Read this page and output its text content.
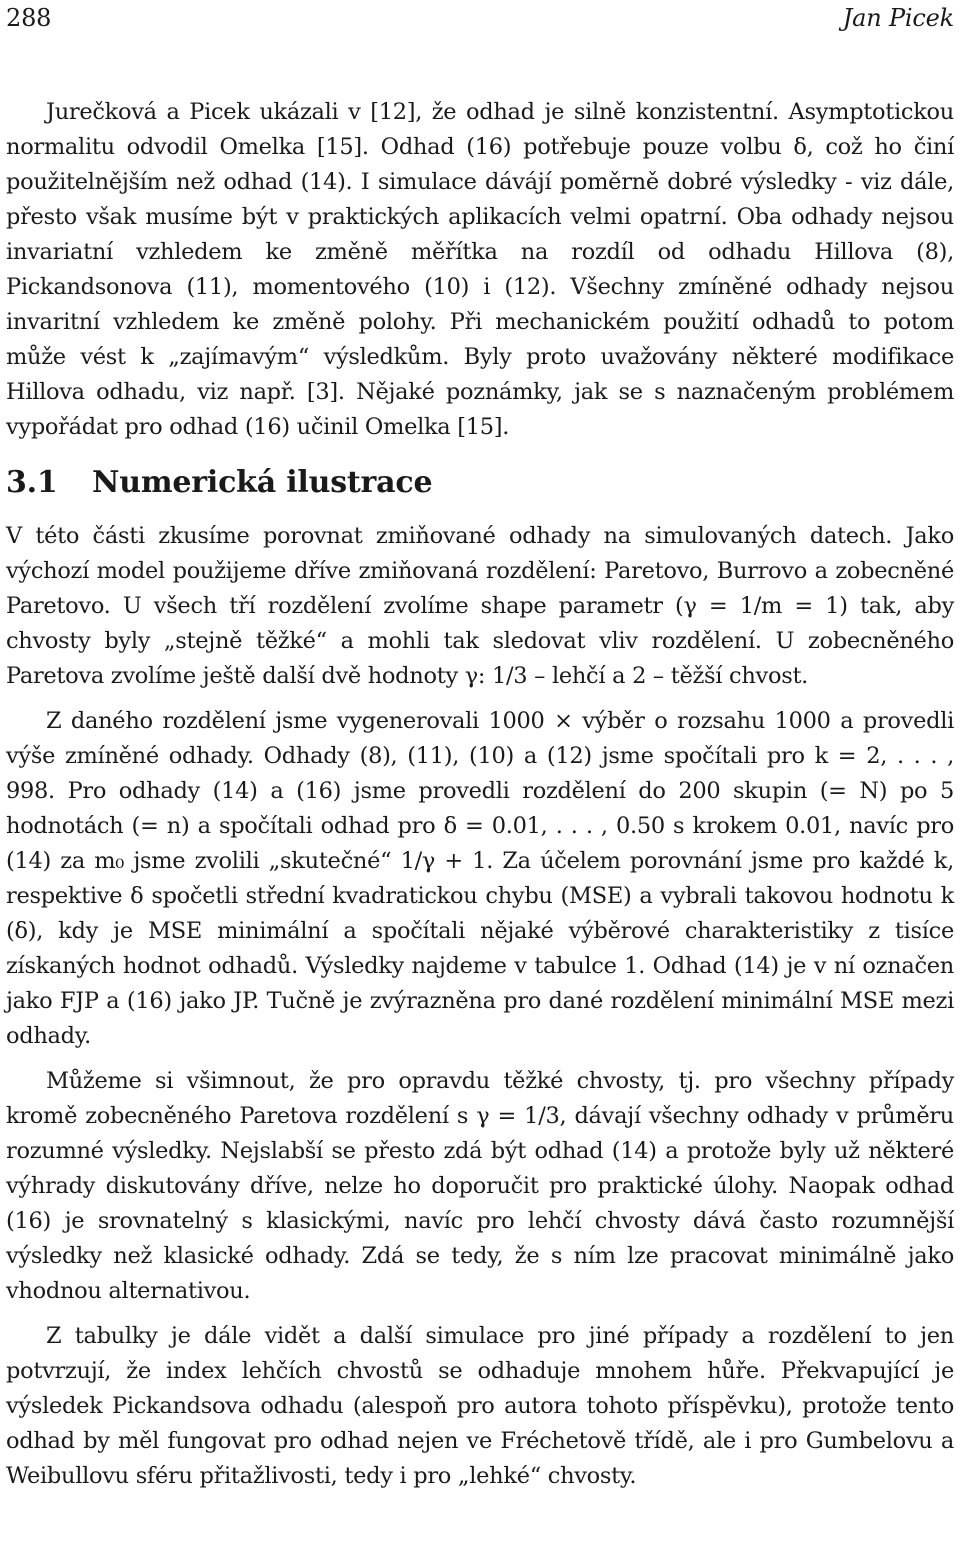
288	Jan Picek

Jurečková a Picek ukázali v [12], že odhad je silně konzistentní. Asymptotickou normalitu odvodil Omelka [15]. Odhad (16) potřebuje pouze volbu δ, což ho činí použitelnějším než odhad (14). I simulace dávájí poměrně dobré výsledky - viz dále, přesto však musíme být v praktických aplikacích velmi opatrní. Oba odhady nejsou invariatní vzhledem ke změně měřítka na rozdíl od odhadu Hillova (8), Pickandsonova (11), momentového (10) i (12). Všechny zmíněné odhady nejsou invaritní vzhledem ke změně polohy. Při mechanickém použití odhadů to potom může vést k „zajímavým“ výsledkům. Byly proto uvažovány některé modifikace Hillova odhadu, viz např. [3]. Nějaké poznámky, jak se s naznačeným problémem vypořádat pro odhad (16) učinil Omelka [15].

3.1 Numerická ilustrace

V této části zkusíme porovnat zmiňované odhady na simulovaných datech. Jako výchozí model použijeme dříve zmiňovaná rozdělení: Paretovo, Burrovo a zobecněné Paretovo. U všech tří rozdělení zvolíme shape parametr (γ = 1/m = 1) tak, aby chvosty byly „stejně těžké“ a mohli tak sledovat vliv rozdělení. U zobecněného Paretova zvolíme ještě další dvě hodnoty γ: 1/3 – lehčí a 2 – těžší chvost.

Z daného rozdělení jsme vygenerovali 1000 × výběr o rozsahu 1000 a provedli výše zmíněné odhady. Odhady (8), (11), (10) a (12) jsme spočítali pro k = 2, . . . , 998. Pro odhady (14) a (16) jsme provedli rozdělení do 200 skupin (= N) po 5 hodnotách (= n) a spočítali odhad pro δ = 0.01, . . . , 0.50 s krokem 0.01, navíc pro (14) za m₀ jsme zvolili „skutečné“ 1/γ + 1. Za účelem porovnání jsme pro každé k, respektive δ spočetli střední kvadratickou chybu (MSE) a vybrali takovou hodnotu k (δ), kdy je MSE minimální a spočítali nějaké výběrové charakteristiky z tisíce získaných hodnot odhadů. Výsledky najdeme v tabulce 1. Odhad (14) je v ní označen jako FJP a (16) jako JP. Tučně je zvýrazněna pro dané rozdělení minimální MSE mezi odhady.

Můžeme si všimnout, že pro opravdu těžké chvosty, tj. pro všechny případy kromě zobecněného Paretova rozdělení s γ = 1/3, dávají všechny odhady v průměru rozumné výsledky. Nejslabší se přesto zdá být odhad (14) a protože byly už některé výhrady diskutovány dříve, nelze ho doporučit pro praktické úlohy. Naopak odhad (16) je srovnatelný s klasickými, navíc pro lehčí chvosty dává často rozumnější výsledky než klasické odhady. Zdá se tedy, že s ním lze pracovat minimálně jako vhodnou alternativou.

Z tabulky je dále vidět a další simulace pro jiné případy a rozdělení to jen potvrzují, že index lehčích chvostů se odhaduje mnohem hůře. Překvapující je výsledek Pickandsova odhadu (alespoň pro autora tohoto příspěvku), protože tento odhad by měl fungovat pro odhad nejen ve Fréchetově třídě, ale i pro Gumbelovu a Weibullovu sféru přitažlivosti, tedy i pro „lehké“ chvosty.
